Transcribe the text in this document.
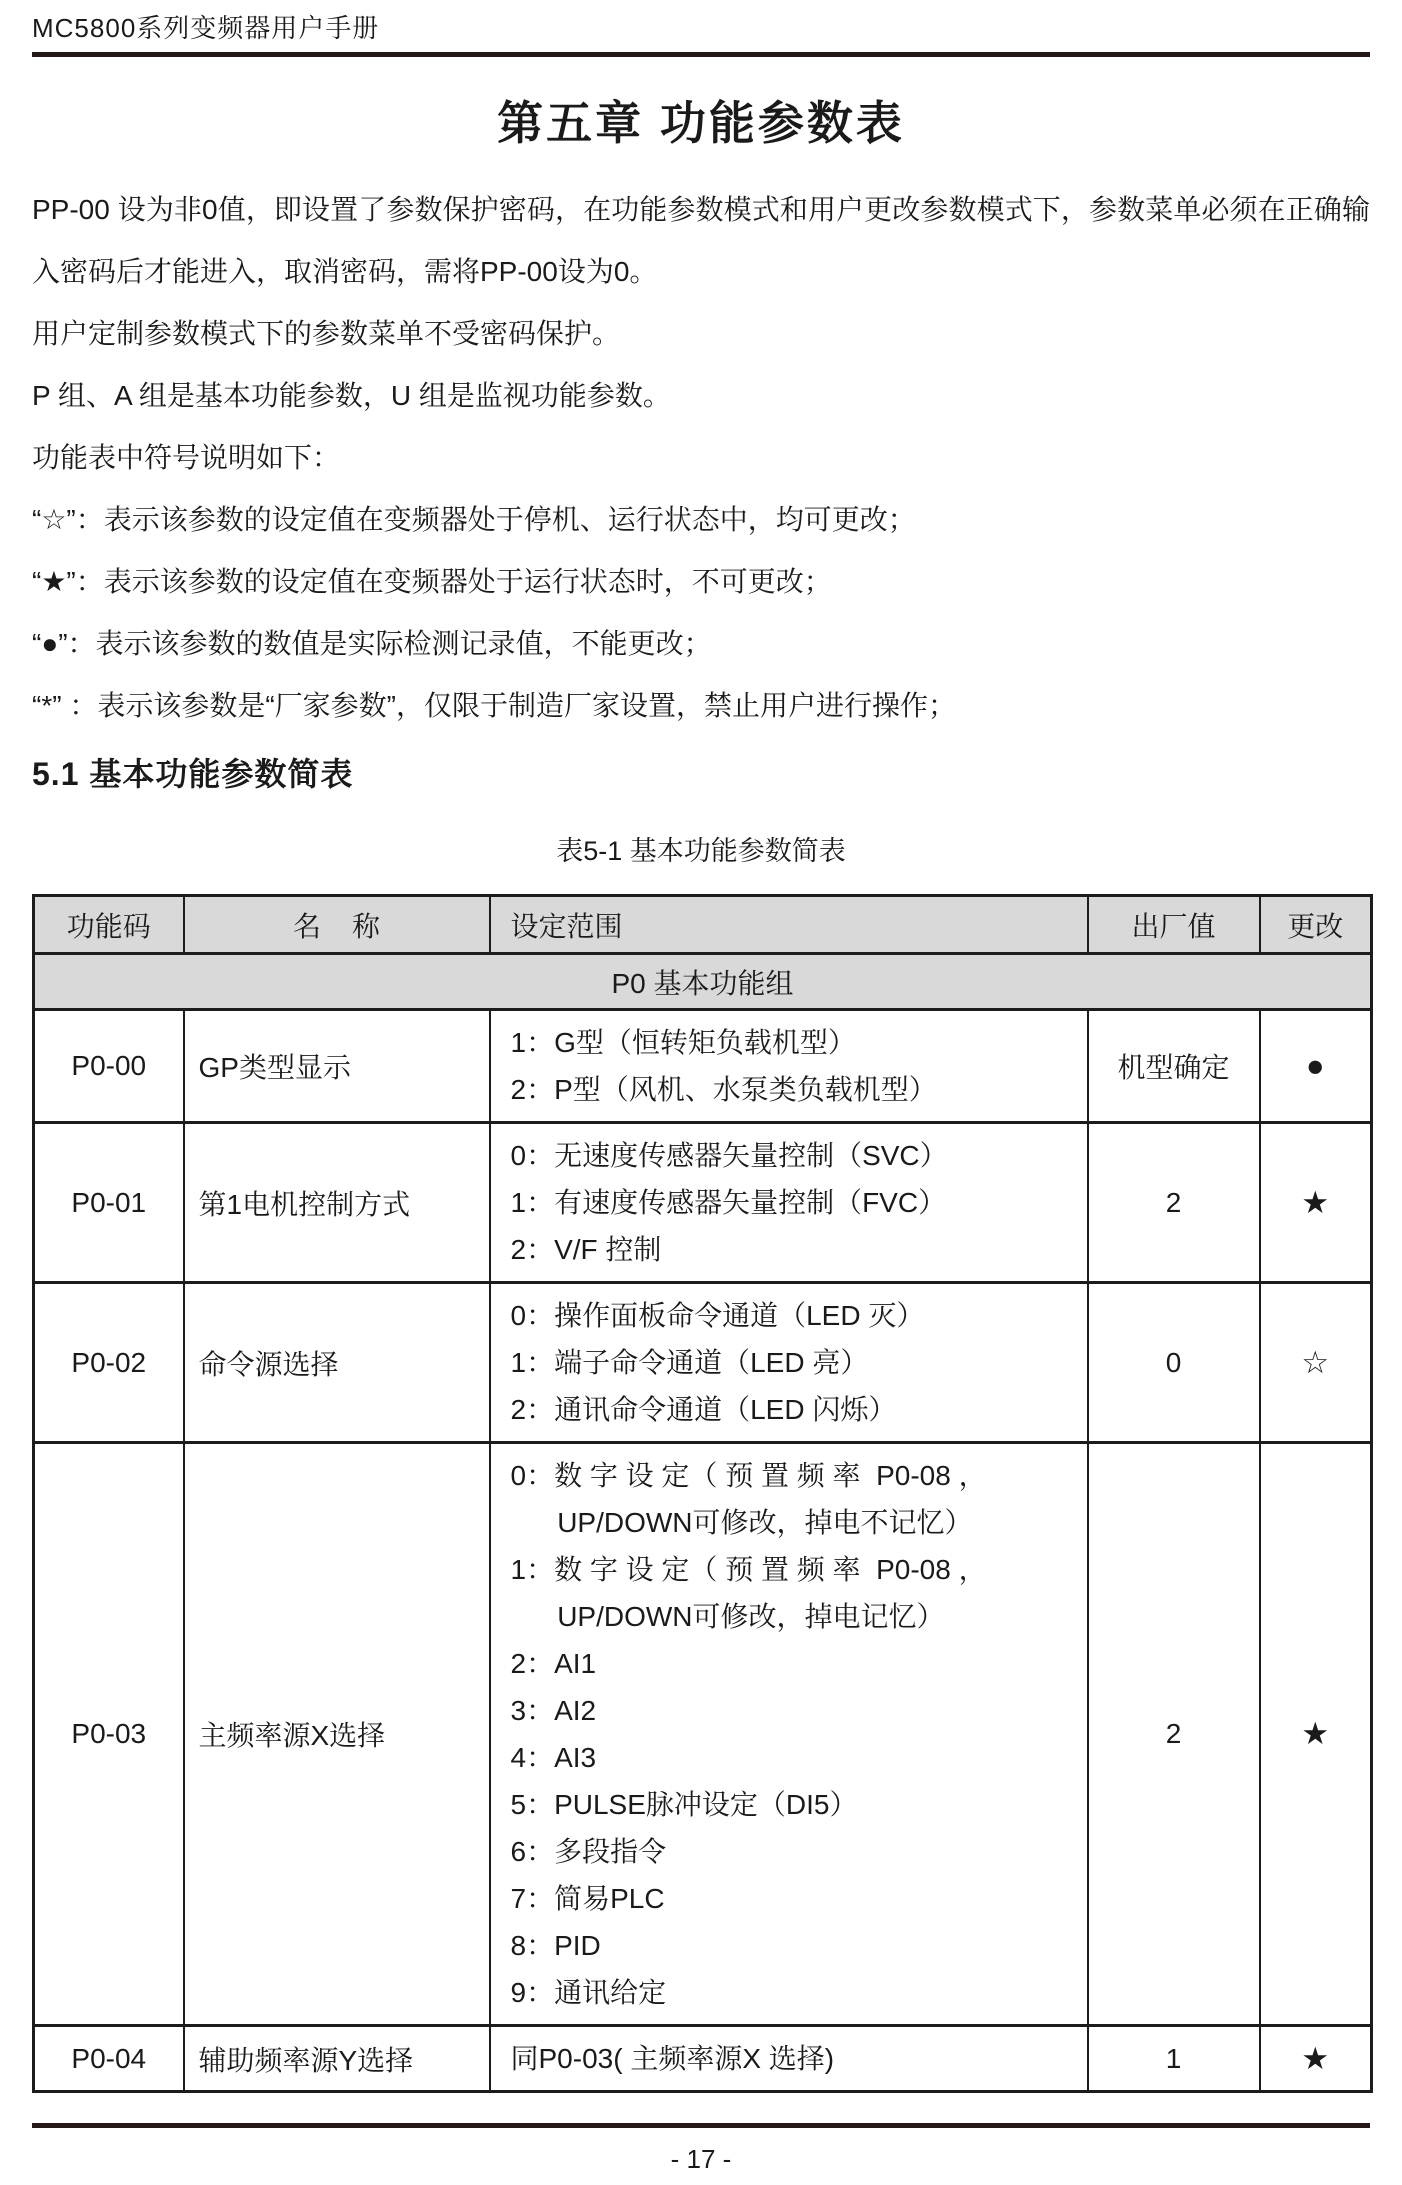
MC5800系列变频器用户手册
第五章 功能参数表

PP-00 设为非0值，即设置了参数保护密码，在功能参数模式和用户更改参数模式下，参数菜单必须在正确输入密码后才能进入，取消密码，需将PP-00设为0。

用户定制参数模式下的参数菜单不受密码保护。

P 组、A 组是基本功能参数，U 组是监视功能参数。

功能表中符号说明如下：

“☆”：表示该参数的设定值在变频器处于停机、运行状态中，均可更改；

“★”：表示该参数的设定值在变频器处于运行状态时，不可更改；

“●”：表示该参数的数值是实际检测记录值，不能更改；

“*” ：表示该参数是“厂家参数”，仅限于制造厂家设置，禁止用户进行操作；

5.1 基本功能参数简表
表5-1 基本功能参数简表
功能码	名    称	设定范围	出厂值	更改
P0 基本功能组				
P0-00	GP类型显示	1：G型（恒转矩负载机型）
2：P型（风机、水泵类负载机型）	机型确定	●
P0-01	第1电机控制方式	0：无速度传感器矢量控制（SVC）
1：有速度传感器矢量控制（FVC）
2：V/F 控制	2	★
P0-02	命令源选择	0：操作面板命令通道（LED 灭）
1：端子命令通道（LED 亮）
2：通讯命令通道（LED 闪烁）	0	☆
P0-03	主频率源X选择	
0：数 字 设 定（ 预 置 频 率  P0-08 ，
UP/DOWN可修改，掉电不记忆）
1：数 字 设 定（ 预 置 频 率  P0-08 ，
UP/DOWN可修改，掉电记忆）
2：AI1
3：AI2
4：AI3
5：PULSE脉冲设定（DI5）
6：多段指令
7：简易PLC
8：PID
9：通讯给定
	2	★
P0-04	辅助频率源Y选择	同P0-03( 主频率源X 选择)	1	★
- 17 -
